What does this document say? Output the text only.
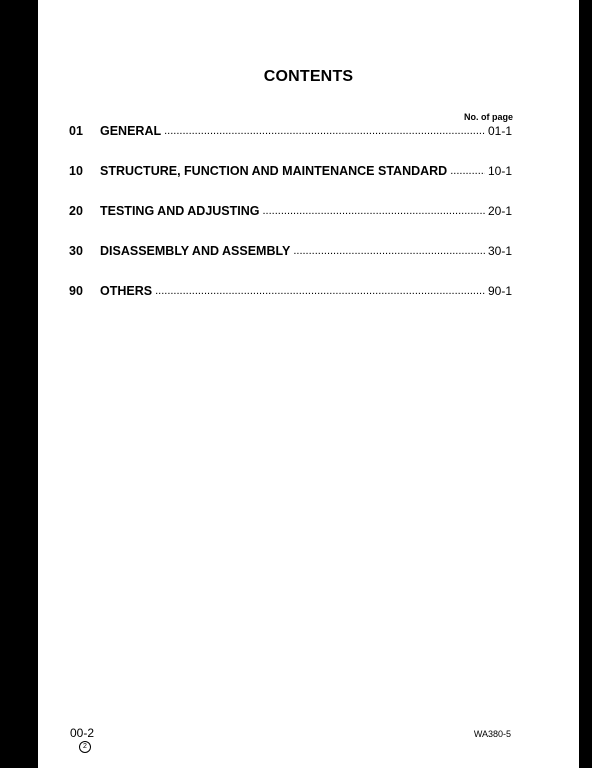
CONTENTS
No. of page
01	GENERAL .....	01-1
10	STRUCTURE, FUNCTION AND MAINTENANCE STANDARD .....	10-1
20	TESTING AND ADJUSTING .....	20-1
30	DISASSEMBLY AND ASSEMBLY .....	30-1
90	OTHERS .....	90-1
00-2
2
WA380-5
